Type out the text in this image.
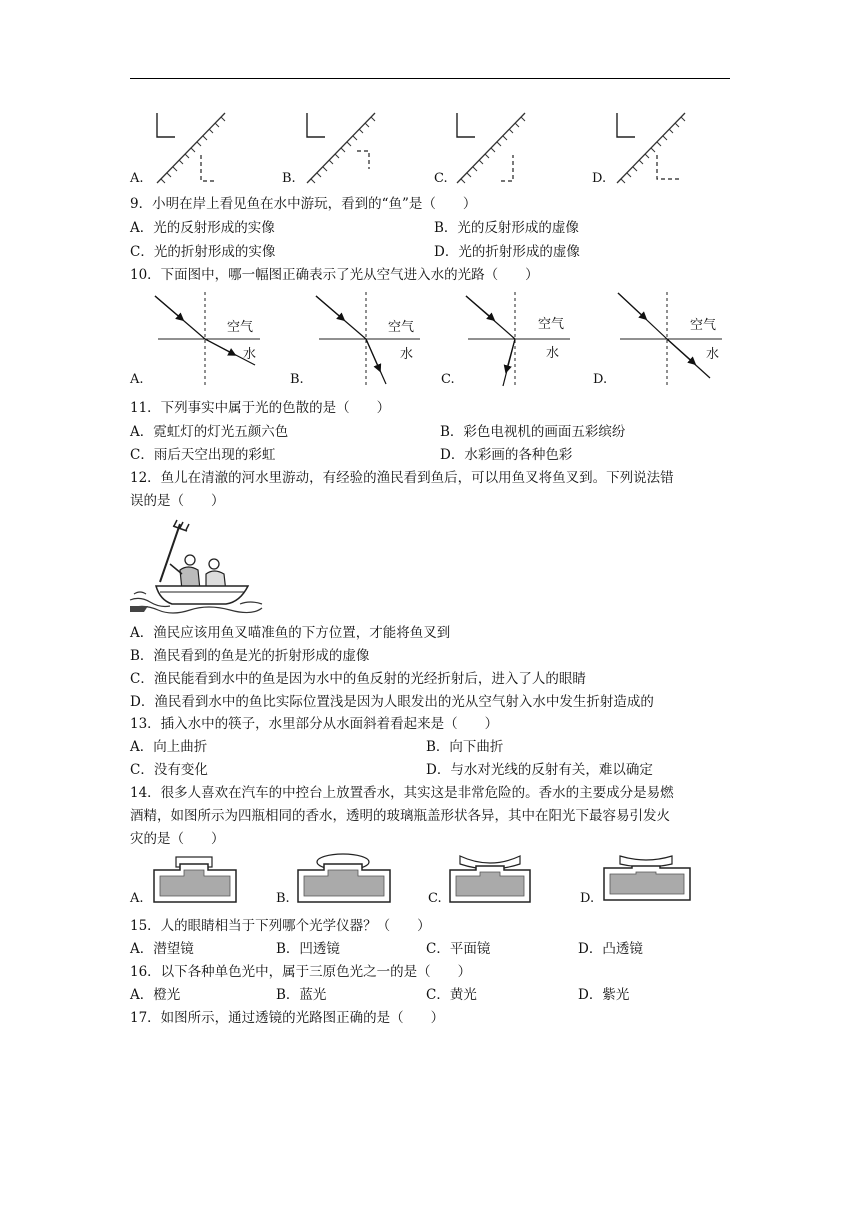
A.	B.	C.	D.
9．小明在岸上看见鱼在水中游玩，看到的“鱼”是（　　）
A．光的反射形成的实像	B．光的反射形成的虚像
C．光的折射形成的实像	D．光的折射形成的虚像
10．下面图中，哪一幅图正确表示了光从空气进入水的光路（　　）
空气
水
空气
水
空气
水
空气
水
A.	B.	C.	D.
11．下列事实中属于光的色散的是（　　）
A．霓虹灯的灯光五颜六色	B．彩色电视机的画面五彩缤纷
C．雨后天空出现的彩虹	D．水彩画的各种色彩
12．鱼儿在清澈的河水里游动，有经验的渔民看到鱼后，可以用鱼叉将鱼叉到。下列说法错
误的是（　　）
A．渔民应该用鱼叉喵准鱼的下方位置，才能将鱼叉到
B．渔民看到的鱼是光的折射形成的虚像
C．渔民能看到水中的鱼是因为水中的鱼反射的光经折射后，进入了人的眼睛
D．渔民看到水中的鱼比实际位置浅是因为人眼发出的光从空气射入水中发生折射造成的
13．插入水中的筷子，水里部分从水面斜着看起来是（　　）
A．向上曲折	B．向下曲折
C．没有变化	D．与水对光线的反射有关，难以确定
14．很多人喜欢在汽车的中控台上放置香水，其实这是非常危险的。香水的主要成分是易燃
酒精，如图所示为四瓶相同的香水，透明的玻璃瓶盖形状各异，其中在阳光下最容易引发火
灾的是（　　）
A.	B.	C.	D.
15．人的眼睛相当于下列哪个光学仪器？（　　）
A．潜望镜	B．凹透镜	C．平面镜	D．凸透镜
16．以下各种单色光中，属于三原色光之一的是（　　）
A．橙光	B．蓝光	C．黄光	D．紫光
17．如图所示，通过透镜的光路图正确的是（　　）
